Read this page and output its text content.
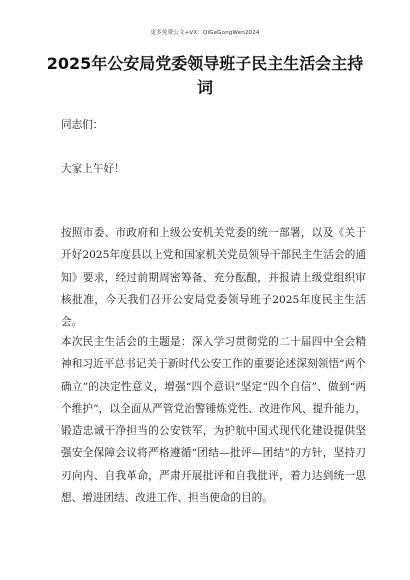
更多免费公文+VX：QiGeGongWen2024
2025年公安局党委领导班子民主生活会主持词
同志们：
大家上午好！
按照市委、市政府和上级公安机关党委的统一部署，以及《关于开好2025年度县以上党和国家机关党员领导干部民主生活会的通知》要求，经过前期周密筹备、充分酝酿，并报请上级党组织审核批准，今天我们召开公安局党委领导班子2025年度民主生活会。
本次民主生活会的主题是：深入学习贯彻党的二十届四中全会精神和习近平总书记关于新时代公安工作的重要论述深刻领悟“两个确立”的决定性意义，增强“四个意识”坚定“四个自信”、做到“两个维护”，以全面从严管党治警锤炼党性、改进作风、提升能力，锻造忠诚干净担当的公安铁军，为护航中国式现代化建设提供坚强安全保障会议将严格遵循“团结—批评—团结”的方针，坚持刀刃向内、自我革命，严肃开展批评和自我批评，着力达到统一思想、增进团结、改进工作、担当使命的目的。
